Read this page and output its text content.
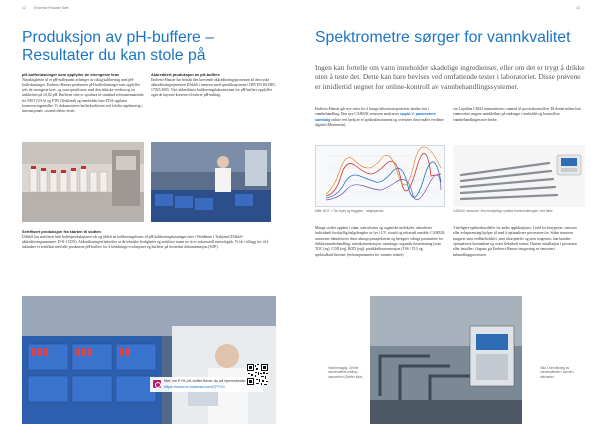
12 Endress+Hauser Nett
Produksjon av pH-buffere – Resultater du kan stole på
pH-bufferløsninger som oppfyller de strengeste krav
Nøyaktigheten til et pH-målepunkt avhenger av riktig kalibrering med pH-bufferløsninger. Endress+Hauser produserer pH-bufferløsninger som oppfyller selv de strengeste krav, og som spesifiseres med den faktiske verdien og en usikkerhet på ±0,02 pH. Bufferne våre er sporbare til standard referansemateriale fra NIST (USA) og PTB (Tyskland) og inneholder bare FDA-opplørte konserveringsmidler. Vi dokumenterer bufferkvaliteten ved å delta regelmessig i internasjonale «round robin»-tester.
Akkreditert produksjon av pH-buffere
Endress+Hauser har bestått den krevende akkrediteringsprosessen til den tyske akkrediteringstjenesten DAkkS i samsvar med spesifikasjonene i DIN EN ISO/IEC 17025:2005. Vårt akkrediterte kalibreringslaboratorium for pH-buffere oppfyller også de høyeste kravene til enhver pH-måling.
Sertifisert produksjon fra starten til slutten
DAkkS har sertifisert hele bufferproduksjonen vår og tildelt en kalibreringslisens til pH-kalibreringsløsninger etter i Waldheim i Tyskland (DAkkS-akkrediteringsnummer: D-K-15193). Akkrediteringen bekrefter at de tekniske ferdigheter og sertifiser innen tre år er suksessfull metrologisk. Vi får i tillegg lov til å inkludere et sertifikat med alle produserte pH-buffere for å frembringe evolusjoner og bufferer på forsterket dokumentasjon (SOP).
13
Spektrometre sørger for vannkvalitet
Ingen kan fortelle om vann inneholder skadelige ingredienser, eller om det er trygt å drikke uten å teste det. Dette kan bare bevises ved omfattende tester i laboratoriet. Disse prøvene er imidlertid uegnet for online-kontroll av vannbehandlingssystemer.
Endress+Hauser går nye veier for å bringe laboratorieprosesser direkte inn i vannbehandling. Den nye CA80UK sensoren analyserer uppbl.V. parametere samtidig online ved hjelp av et spektralinstrument og overfører disse måler verdiene digitalt (Memosens).
via Liquiline CM44 transmitteren i sanntid til prosesskontrollen. På denne måten kan vannverket reagere umiddelbart på endringer i innholdet og kontrollere vannbehandlingen mer bedre.
Måle NOT = Tid: trykk og blyggem · adaptyenlau	CA80UK sensorer i fem forskjellige optiske banemedlengder, ved faller
Mange stoffer oppløst i vann, som nitrater og organiske molekyler, absorberer individuelt forskjellig bølgelengder av lys i UV, visuelt og infrarødt område. CA80UK sensorene identifiserer disse absorpsjonsspektrene og beregner viktige parametere for drikkevannsbehandling: nitratkonsentrasjon, vannfarge, organisk forurensning (som TOC (eq), COD (eq), BOD (eq)), partikkelkonsentrasjon (TSS / TU) og spektralkoeffisienter (en komparameter for vannets renhet).
Ytterligere spektralmodeller for andre applikasjoner. I tråd for bruyperter, sensorer eller avløpsrensing hjelper til med å optimalisere prosessene for. Siden sensoren fungerer uten vedlikeholdsfri, uten slitasjedeler og uten reagenser, kan kunden optimalisere kostnadene og svært fleksibelt sensor. Dørene installasjon i prosessen eller installert i bypass gir Endress+Hauser integrering av sensoren i behandlingsprosessen.
Mer om E+H pH-buffer finner du på hjemmeside: https://www.no.endress.com/CPY20
Vannbehaglig. Online vannkvalitets måling i vannverket (Stoffer ikke).
VBA Overvåkning av vannkvaliteten i vannet i dekkanter.
